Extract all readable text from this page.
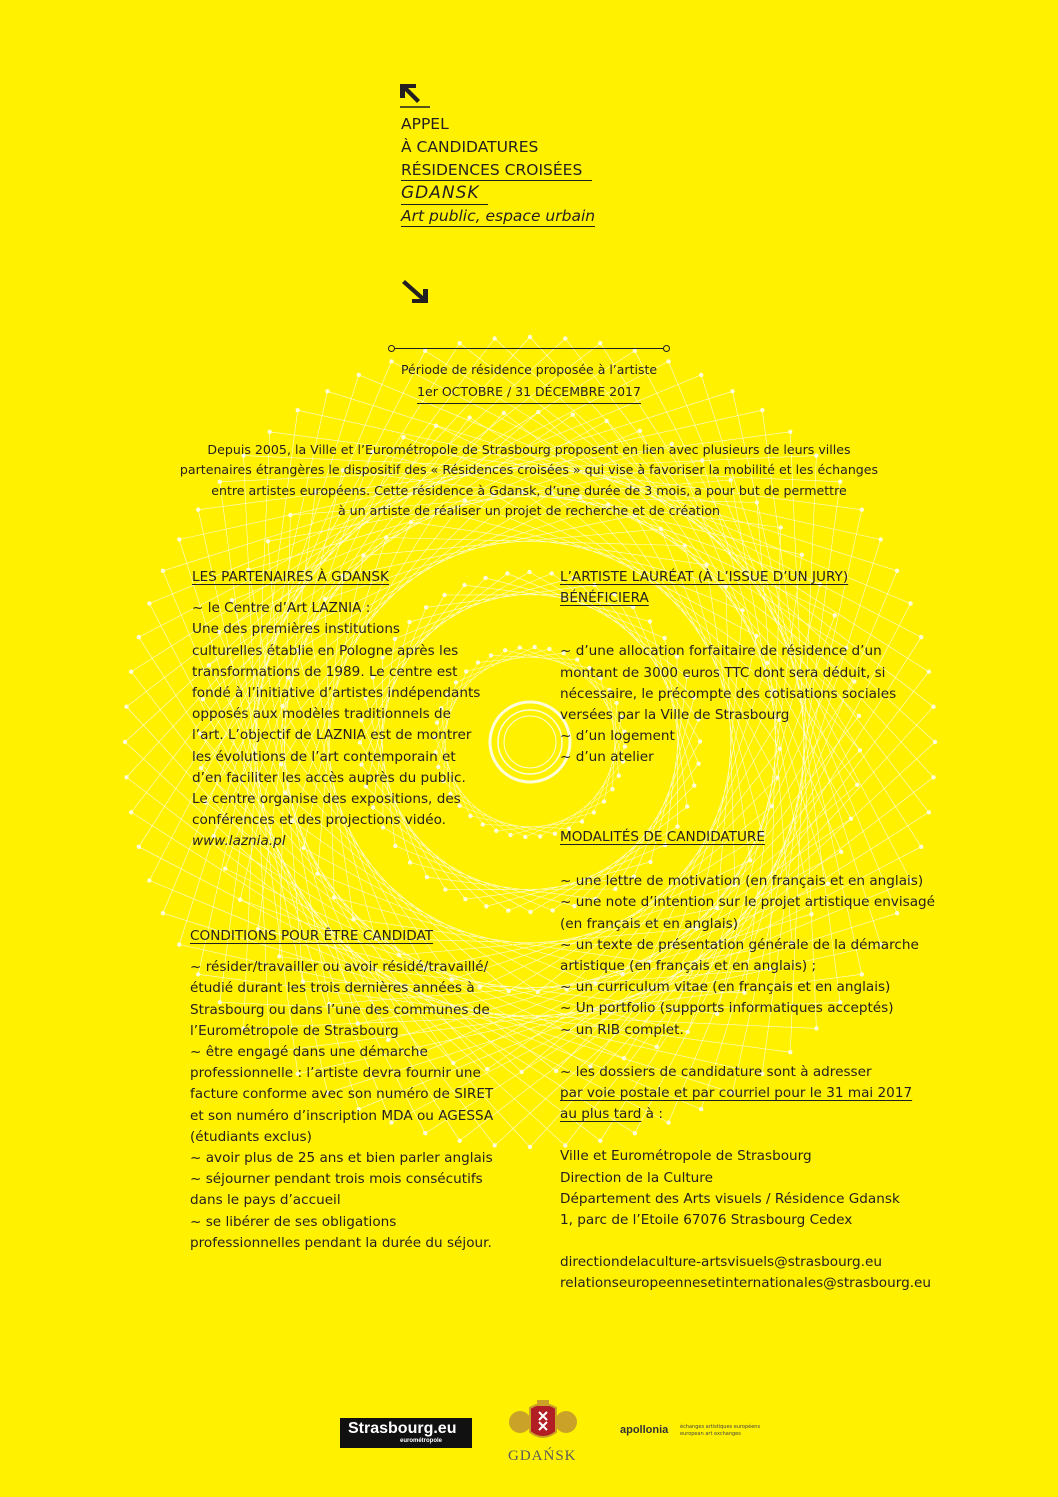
APPEL
À CANDIDATURES
RÉSIDENCES CROISÉES
GDANSK
Art public, espace urbain
Période de résidence proposée à l’artiste
1er OCTOBRE / 31 DÉCEMBRE 2017
Depuis 2005, la Ville et l’Eurométropole de Strasbourg proposent en lien avec plusieurs de leurs villes
partenaires étrangères le dispositif des « Résidences croisées » qui vise à favoriser la mobilité et les échanges
entre artistes européens. Cette résidence à Gdansk, d’une durée de 3 mois, a pour but de permettre
à un artiste de réaliser un projet de recherche et de création

LES PARTENAIRES À GDANSK

~ le Centre d’Art LAZNIA :

Une des premières institutions

culturelles établie en Pologne après les

transformations de 1989. Le centre est

fondé à l’initiative d’artistes indépendants

opposés aux modèles traditionnels de

l’art. L’objectif de LAZNIA est de montrer

les évolutions de l’art contemporain et

d’en faciliter les accès auprès du public.

Le centre organise des expositions, des

conférences et des projections vidéo.

www.laznia.pl

CONDITIONS POUR ÊTRE CANDIDAT

~ résider/travailler ou avoir résidé/travaillé/

étudié durant les trois dernières années à

Strasbourg ou dans l’une des communes de

l’Eurométropole de Strasbourg

~ être engagé dans une démarche

professionnelle : l’artiste devra fournir une

facture conforme avec son numéro de SIRET

et son numéro d’inscription MDA ou AGESSA

(étudiants exclus)

~ avoir plus de 25 ans et bien parler anglais

~ séjourner pendant trois mois consécutifs

dans le pays d’accueil

~ se libérer de ses obligations

professionnelles pendant la durée du séjour.

L’ARTISTE LAURÉAT (À L’ISSUE D’UN JURY)

BÉNÉFICIERA

~ d’une allocation forfaitaire de résidence d’un

montant de 3000 euros TTC dont sera déduit, si

nécessaire, le précompte des cotisations sociales

versées par la Ville de Strasbourg

~ d’un logement

~ d’un atelier

MODALITÉS DE CANDIDATURE

~ une lettre de motivation (en français et en anglais)

~ une note d’intention sur le projet artistique envisagé

(en français et en anglais)

~ un texte de présentation générale de la démarche

artistique (en français et en anglais) ;

~ un curriculum vitae (en français et en anglais)

~ Un portfolio (supports informatiques acceptés)

~ un RIB complet.

~ les dossiers de candidature sont à adresser

par voie postale et par courriel pour le 31 mai 2017

au plus tard à :

Ville et Eurométropole de Strasbourg

Direction de la Culture

Département des Arts visuels / Résidence Gdansk

1, parc de l’Etoile 67076 Strasbourg Cedex

directiondelaculture-artsvisuels@strasbourg.eu

relationseuropeennesetinternationales@strasbourg.eu

Strasbourg.eu
eurométropole
GDAŃSK
apollonia	échanges artistiques européens european art exchanges
